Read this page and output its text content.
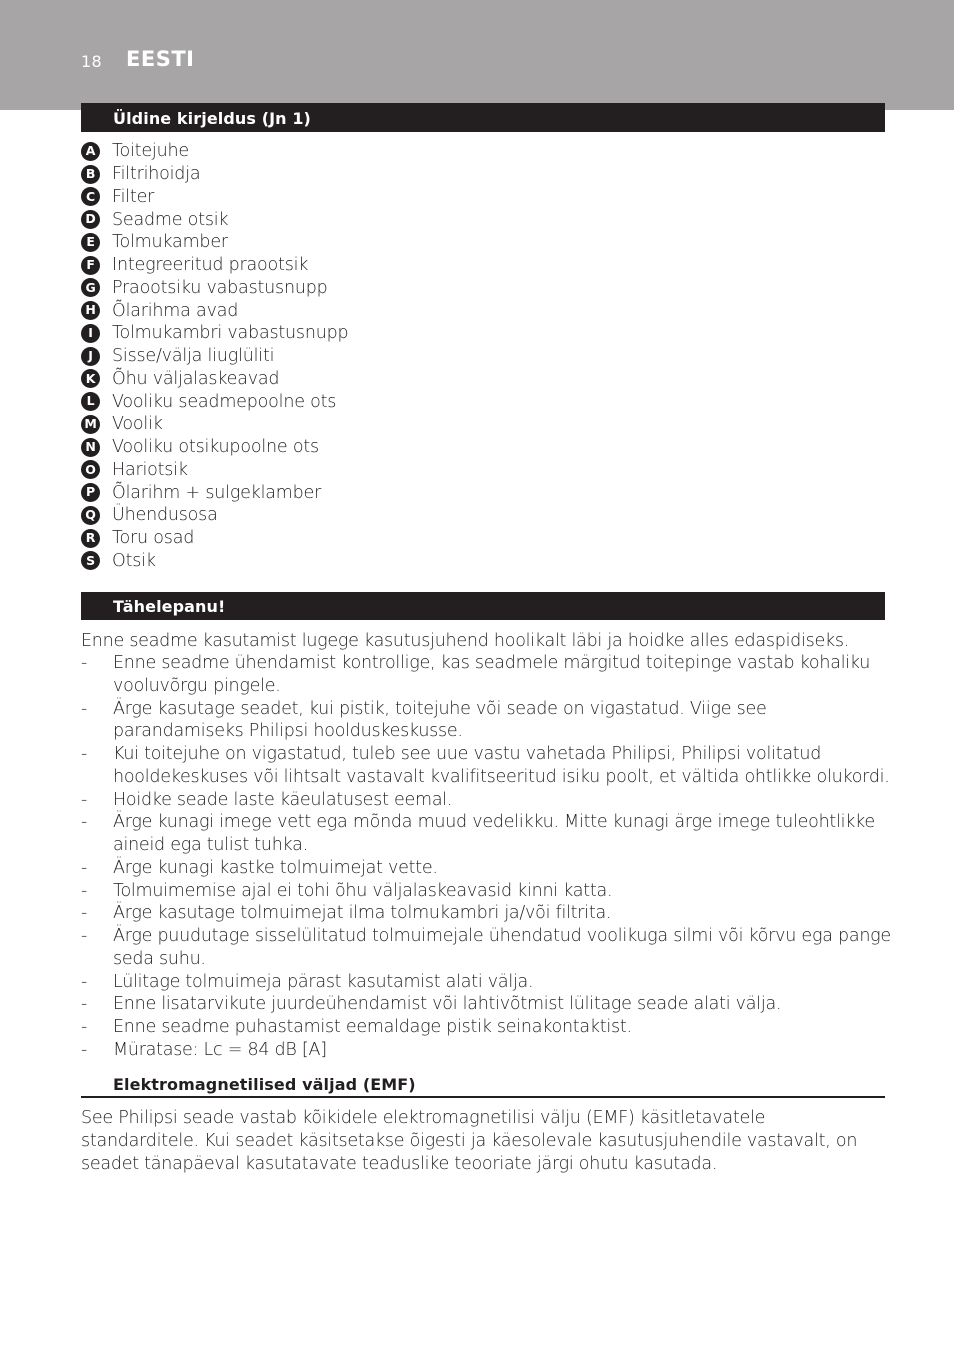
18 EESTI
Üldine kirjeldus (Jn 1)
A Toitejuhe
B Filtrihoidja
C Filter
D Seadme otsik
E Tolmukamber
F Integreeritud praootsik
G Praootsiku vabastusnupp
H Õlarihma avad
I	Tolmukambri vabastusnupp
J	Sisse/välja liuglüliti
K Õhu väljalaskeavad
L	Vooliku seadmepoolne ots
M Voolik
N Vooliku otsikupoolne ots
O Hariotsik
P Õlarihm + sulgeklamber
Q Ühendusosa
R Toru osad
S Otsik
Tähelepanu!
Enne seadme kasutamist lugege kasutusjuhend hoolikalt läbi ja hoidke alles edaspidiseks.
- Enne seadme ühendamist kontrollige, kas seadmele märgitud toitepinge vastab kohaliku vooluvõrgu pingele.
- Ärge kasutage seadet, kui pistik, toitejuhe või seade on vigastatud. Viige see parandamiseks Philipsi hoolduskeskusse.
- Kui toitejuhe on vigastatud, tuleb see uue vastu vahetada Philipsi, Philipsi volitatud hooldekeskuses või lihtsalt vastavalt kvalifitseeritud isiku poolt, et vältida ohtlikke olukordi.
- Hoidke seade laste käeulatusest eemal.
- Ärge kunagi imege vett ega mõnda muud vedelikku. Mitte kunagi ärge imege tuleohtlikke aineid ega tulist tuhka.
- Ärge kunagi kastke tolmuimejat vette.
- Tolmuimemise ajal ei tohi õhu väljalaskeavasid kinni katta.
- Ärge kasutage tolmuimejat ilma tolmukambri ja/või filtrita.
- Ärge puudutage sisselülitatud tolmuimejale ühendatud voolikuga silmi või kõrvu ega pange seda suhu.
- Lülitage tolmuimeja pärast kasutamist alati välja.
- Enne lisatarvikute juurdeühendamist või lahtivõtmist lülitage seade alati välja.
- Enne seadme puhastamist eemaldage pistik seinakontaktist.
- Müratase: Lc = 84 dB [A]
Elektromagnetilised väljad (EMF)
See Philipsi seade vastab kõikidele elektromagnetilisi välju (EMF) käsitletavatele standarditele. Kui seadet käsitsetakse õigesti ja käesolevale kasutusjuhendile vastavalt, on seadet tänapäeval kasutatavate teaduslike teooriate järgi ohutu kasutada.
